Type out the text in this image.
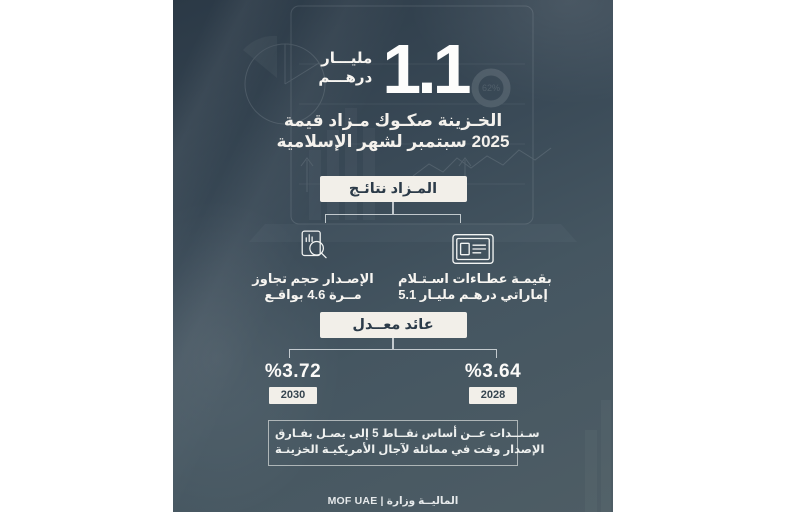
62%
مليـــار
درهـــم 1.1
قيمة‎ مـزاد‎ صكـوك‎ الخـزينة
الإسلامية‎ لشهر‎ سبتمبر‎ 2025
نتائـج‎ المـزاد
تجاوز‎ حجم‎ الإصـدار
بواقـع‎ 4.6 مــرة
اسـتـلام‎ عطـاءات‎ بقيمـة
5.1 مليـار‎ درهـم‎ إماراتي
معــدل‎ عائد
%3.72
2030
%3.64
2028
بفـارق‎ يصـل‎ إلى‎ 5 نقــاط‎ أساس‎ عــن‎ سـنــدات
الخزينـة‎ الأمريكيـة‎ لآجال‎ مماثلة‎ في‎ وقت‎ الإصدار
MOF UAE | وزارة‎ الماليــة
